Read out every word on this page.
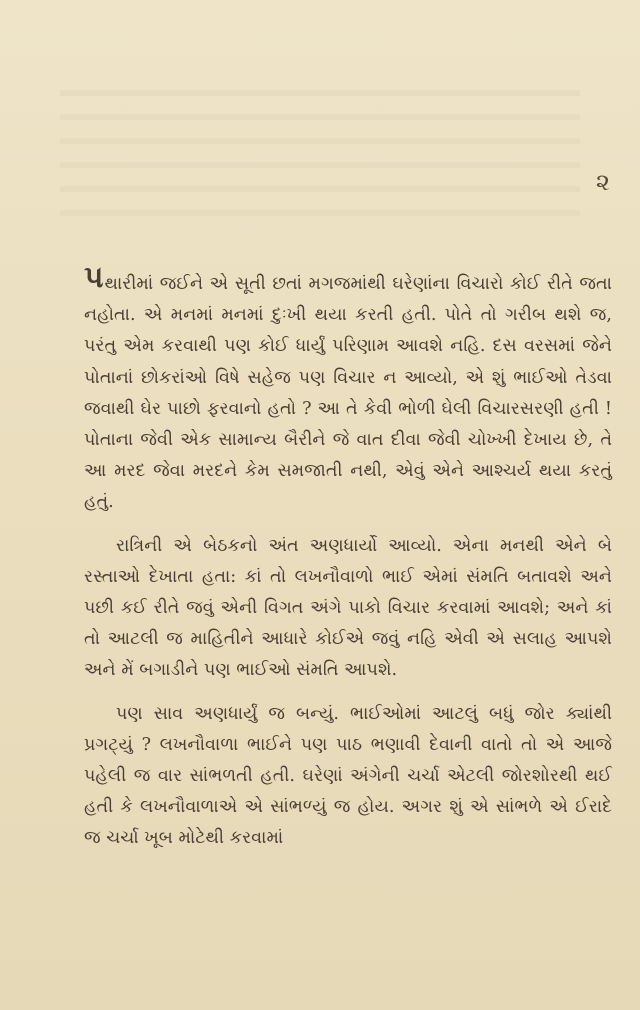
૨

પથારીમાં જઈને એ સૂતી છતાં મગજમાંથી ઘરેણાંના વિચારો કોઈ રીતે જતા નહોતા. એ મનમાં મનમાં દુઃખી થયા કરતી હતી. પોતે તો ગરીબ થશે જ, પરંતુ એમ કરવાથી પણ કોઈ ધાર્યું પરિણામ આવશે નહિ. દસ વરસમાં જેને પોતાનાં છોકરાંઓ વિષે સહેજ પણ વિચાર ન આવ્યો, એ શું ભાઈઓ તેડવા જવાથી ઘેર પાછો ફરવાનો હતો ? આ તે કેવી ભોળી ઘેલી વિચારસરણી હતી ! પોતાના જેવી એક સામાન્ય બૈરીને જે વાત દીવા જેવી ચોખ્ખી દેખાય છે, તે આ મરદ જેવા મરદને કેમ સમજાતી નથી, એવું એને આશ્ચર્ય થયા કરતું હતું.

રાત્રિની એ બેઠકનો અંત અણધાર્યો આવ્યો. એના મનથી એને બે રસ્તાઓ દેખાતા હતા: કાં તો લખનૌવાળો ભાઈ એમાં સંમતિ બતાવશે અને પછી કઈ રીતે જવું એની વિગત અંગે પાકો વિચાર કરવામાં આવશે; અને કાં તો આટલી જ માહિતીને આધારે કોઈએ જવું નહિ એવી એ સલાહ આપશે અને મેં બગાડીને પણ ભાઈઓ સંમતિ આપશે.

પણ સાવ અણધાર્યું જ બન્યું. ભાઈઓમાં આટલું બધું જોર ક્યાંથી પ્રગટ્યું ? લખનૌવાળા ભાઈને પણ પાઠ ભણાવી દેવાની વાતો તો એ આજે પહેલી જ વાર સાંભળતી હતી. ઘરેણાં અંગેની ચર્ચા એટલી જોરશોરથી થઈ હતી કે લખનૌવાળાએ એ સાંભળ્યું જ હોય. અગર શું એ સાંભળે એ ઈરાદે જ ચર્ચા ખૂબ મોટેથી કરવામાં
